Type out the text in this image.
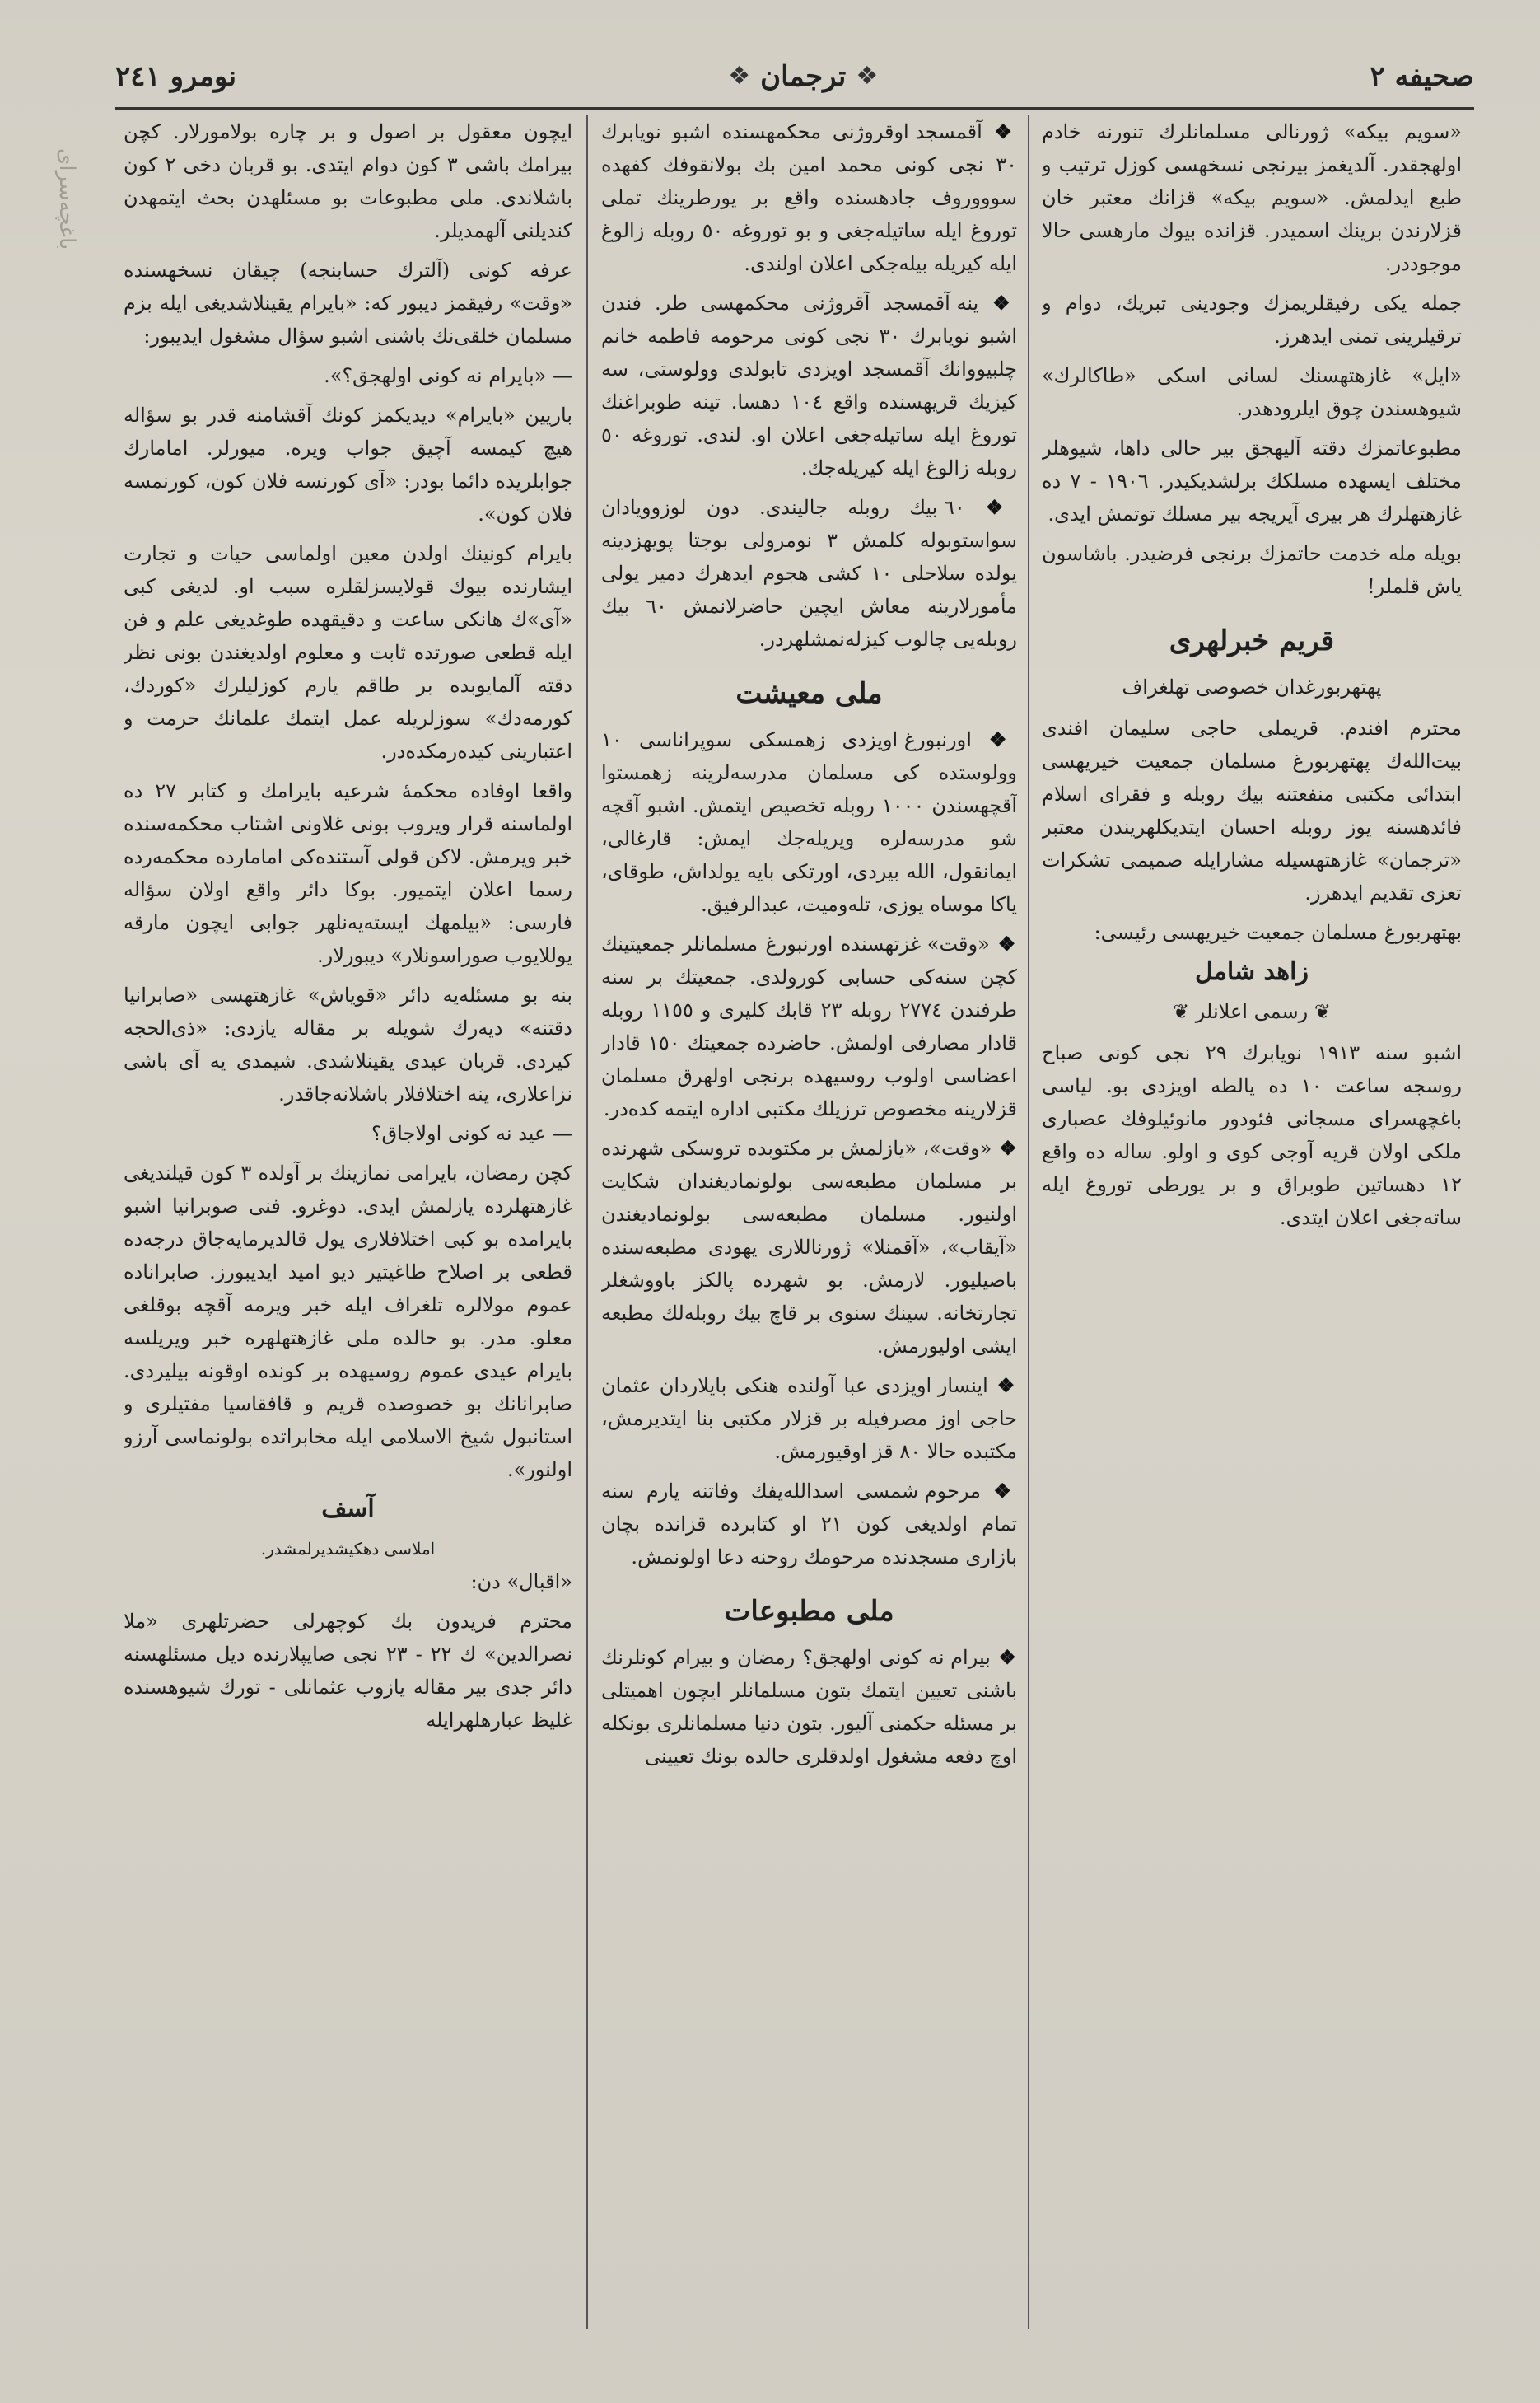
باغچه‌سراى
نومرو ٢٤١	❖ ترجمان ❖	صحيفه ٢

«سويم بيكه» ژورنالى مسلمانلرك تنورنه خادم اولهجقدر. آلديغمز بيرنجى نسخهسى كوزل ترتيب و طبع ايدلمش. «سويم بيكه» قزانك معتبر خان قزلارندن برينك اسميدر. قزانده بيوك مارهسى حالا موجوددر.

جمله يكى رفيقلريمزك وجودينى تبريك، دوام و ترقيلرينى تمنى ايدهرز.

«ايل» غازهتهسنك لسانى اسكى «طاكالرك» شيوهسندن چوق ايلرودهدر.

مطبوعاتمزك دقته آليهجق بير حالى داها، شيوهلر مختلف ايسهده مسلكك برلشديكيدر. ١٩٠٦ - ٧ ده غازهتهلرك هر بيرى آيريجه بير مسلك توتمش ايدى.

بويله مله خدمت حاتمزك برنجى فرضيدر. باشاسون ياش قلملر!

قريم خبرلهرى
پهتهربورغدان خصوصى تهلغراف

محترم افندم. قريملى حاجى سليمان افندى بيت‌الله‌ك پهتهربورغ مسلمان جمعيت خيريهسى ابتدائى مكتبى منفعتنه بيك روبله و فقراى اسلام فائدهسنه يوز روبله احسان ايتديكلهريندن معتبر «ترجمان» غازهتهسيله مشارايله صميمى تشكرات تعزى تقديم ايدهرز.

بهتهربورغ مسلمان جمعيت خيريهسى رئيسى:

زاهد شامل
❦ رسمى اعلانلر ❦

اشبو سنه ١٩١٣ نويابرك ٢٩ نجى كونى صباح روسجه ساعت ١٠ ده يالطه اويزدى بو. لياسى باغچهسراى مسجانى فئودور مانوئيلوفك عصبارى ملكى اولان قريه آوجى كوى و اولو. ساله ده واقع ١٢ دهساتين طوبراق و بر يورطى توروغ ايله ساته‌جغى اعلان ايتدى.

❖ آقمسجد اوقروژنى محكمهسنده اشبو نويابرك ٣٠ نجى كونى محمد امين بك بولانقوفك كفهده سوووروف جادهسنده واقع بر يورطرينك تملى توروغ ايله ساتيله‌جغى و بو توروغه ٥٠ روبله زالوغ ايله كيريله بيله‌جكى اعلان اولندى.

❖ ينه آقمسجد آقروژنى محكمهسى طر. فندن اشبو نويابرك ٣٠ نجى كونى مرحومه فاطمه خانم چلبيووانك آقمسجد اويزدى تابولدى وولوستى، سه كيزيك قريهسنده واقع ١٠٤ دهسا. تينه طوبراغنك توروغ ايله ساتيله‌جغى اعلان او. لندى. توروغه ٥٠ روبله زالوغ ايله كيريله‌جك.

❖ ٦٠ بيك روبله جاليندى. دون لوزوويادان سواستوبوله كلمش ٣ نومرولى بوجتا پويهزدينه يولده سلاحلى ١٠ كشى هجوم ايدهرك دمير يولى مأمورلارينه معاش ايچين حاضرلانمش ٦٠ بيك روبله‌يى چالوب كيزله‌نمشلهردر.

ملى معيشت

❖ اورنبورغ اويزدى زهمسكى سوپراناسى ١٠ وولوستده كى مسلمان مدرسه‌لرينه زهمستوا آقچهسندن ١٠٠٠ روبله تخصيص ايتمش. اشبو آقچه شو مدرسه‌لره ويريله‌جك ايمش: قارغالى، ايمانقول، الله بيردى، اورتكى بايه يولداش، طوقاى، ياكا موساه يوزى، تله‌وميت، عبدالرفيق.

❖ «وقت» غزتهسنده اورنبورغ مسلمانلر جمعيتينك كچن سنه‌كى حسابى كورولدى. جمعيتك بر سنه طرفندن ٢٧٧٤ روبله ٢٣ قابك كليرى و ١١٥٥ روبله قادار مصارفى اولمش. حاضرده جمعيتك ١٥٠ قادار اعضاسى اولوب روسيهده برنجى اولهرق مسلمان قزلارينه مخصوص ترزيلك مكتبى اداره ايتمه كده‌در.

❖ «وقت»، «يازلمش بر مكتوبده تروسكى شهرنده بر مسلمان مطبعه‌سى بولونمادیغندان شكايت اولنيور. مسلمان مطبعه‌سى بولونماديغندن «آيقاب»، «آقمنلا» ژورناللارى يهودى مطبعه‌سنده باصيليور. لارمش. بو شهرده پالكز باووشغلر تجارتخانه. سينك سنوى بر قاچ بيك روبله‌لك مطبعه ايشى اوليورمش.

❖ اينسار اويزدى عبا آولنده هنكى بايلاردان عثمان حاجى اوز مصرفيله بر قزلار مكتبى بنا ايتديرمش، مكتبده حالا ٨٠ قز اوقيورمش.

❖ مرحوم شمسى اسدالله‌يفك وفاتنه يارم سنه تمام اولديغى كون ٢١ او كتابرده قزانده بچان بازارى مسجدنده مرحومك روحنه دعا اولونمش.

ملى مطبوعات

❖ بيرام نه كونى اولهجق؟ رمضان و بيرام كونلرنك باشنى تعيين ايتمك بتون مسلمانلر ايچون اهميتلى بر مسئله حكمنى آليور. بتون دنيا مسلمانلرى بونكله اوچ دفعه مشغول اولدقلرى حالده بونك تعيينى

ايچون معقول بر اصول و بر چاره بولامورلار. كچن بيرامك باشى ٣ كون دوام ايتدى. بو قربان دخى ٢ كون باشلاندى. ملى مطبوعات بو مسئلهدن بحث ايتمهدن كنديلنى آلهمديلر.

عرفه كونى (آلترك حسابنجه) چيقان نسخهسنده «وقت» رفيقمز ديبور كه: «بايرام يقينلاشديغى ايله بزم مسلمان خلقى‌نك باشنى اشبو سؤال مشغول ايديبور:

— «بايرام نه كونى اولهجق؟».

باريين «بايرام» ديديكمز كونك آقشامنه قدر بو سؤاله هيچ كيمسه آچيق جواب ويره. ميورلر. امامارك جوابلريده دائما بودر: «آى كورنسه فلان كون، كورنمسه فلان كون».

بايرام كونينك اولدن معين اولماسى حيات و تجارت ايشارنده بيوك قولايسزلقلره سبب او. لديغى كبى «آى»ك هانكى ساعت و دقيقهده طوغديغى علم و فن ايله قطعى صورتده ثابت و معلوم اولديغندن بونى نظر دقته آلمايوبده بر طاقم يارم كوزلیلرك «كوردك، كورمه‌دك» سوزلريله عمل ايتمك علمانك حرمت و اعتبارينى كيده‌رمكده‌در.

واقعا اوفاده محكمهٔ شرعيه بايرامك و كتابر ٢٧ ده اولماسنه قرار ويروب بونى غلاونى اشتاب محكمه‌سنده خبر ويرمش. لاكن قولى آستنده‌كى امامارده محكمه‌رده رسما اعلان ايتميور. بوكا دائر واقع اولان سؤاله فارسى: «بيلمهك ايسته‌يه‌نلهر جوابى ايچون مارقه يوللايوب صوراسونلار» ديبورلار.

بنه بو مسئله‌يه دائر «قوياش» غازهتهسى «صابرانيا دقتنه» ديه‌رك شويله بر مقاله يازدى: «ذى‌الحجه كيردى. قربان عيدى يقينلاشدى. شيمدى يه آى باشى نزاعلارى، ينه اختلافلار باشلانه‌جاقدر.

— عيد نه كونى اولاجاق؟

كچن رمضان، بايرامى نمازينك بر آولده ٣ كون قيلنديغى غازهتهلرده يازلمش ايدى. دوغرو. فنى صوبرانيا اشبو بايرامده بو كبى اختلافلارى يول قالديرمايه‌جاق درجه‌ده قطعى بر اصلاح طاغيتير ديو اميد ايديبورز. صابراناده عموم مولالره تلغراف ايله خبر ويرمه آقچه بوقلغى معلو. مدر. بو حالده ملى غازهتهلهره خبر ويريلسه بايرام عيدى عموم روسيهده بر كونده اوقونه بيليردى. صابرانانك بو خصوصده قريم و قافقاسيا مفتيلرى و استانبول شيخ الاسلامى ايله مخابراتده بولونماسى آرزو اولنور».

آسف
املاسى دهكيشديرلمشدر.

«اقبال» دن:

محترم فريدون بك كوچهرلى حضرتلهرى «ملا نصرالدين» ك ٢٢ - ٢٣ نجى صايپلارنده ديل مسئلهسنه دائر جدى بير مقاله يازوب عثمانلى - تورك شيوهسنده غليظ عبارهلهرايله
